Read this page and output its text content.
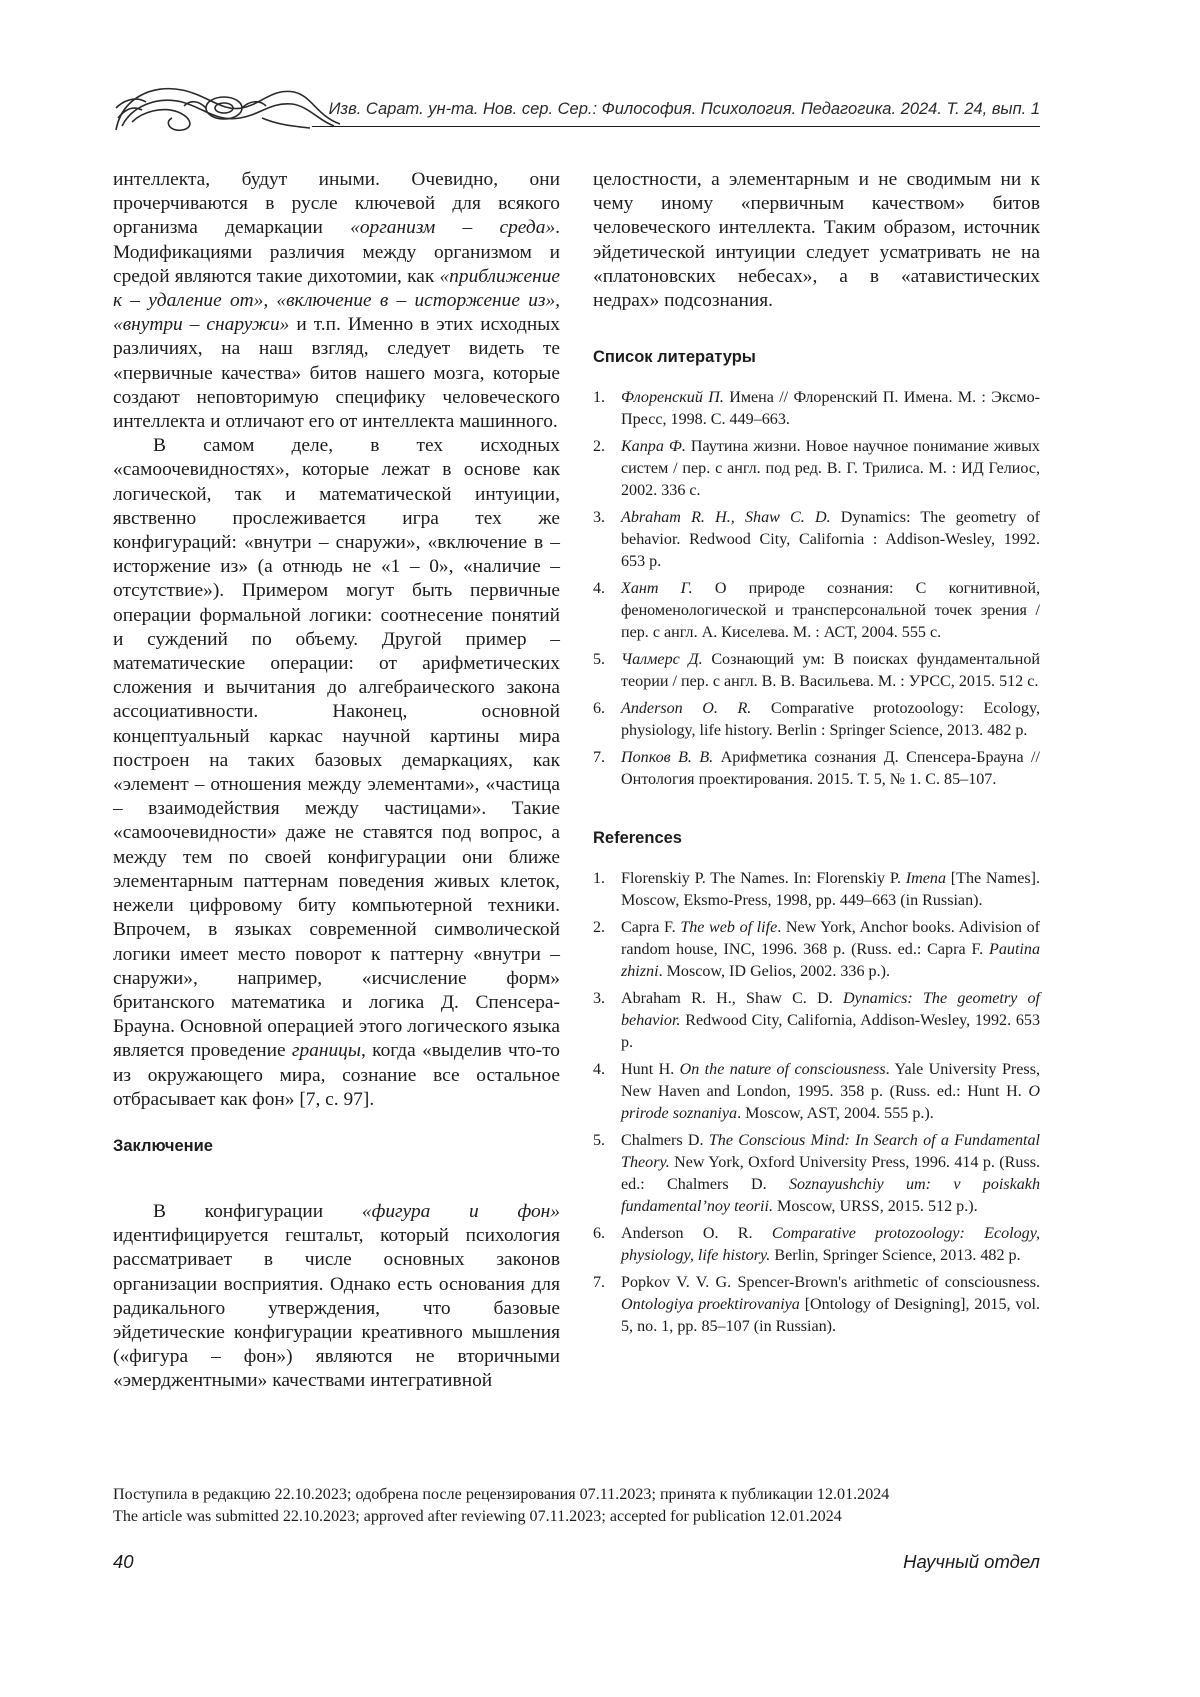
Изв. Сарат. ун-та. Нов. сер. Сер.: Философия. Психология. Педагогика. 2024. Т. 24, вып. 1

интеллекта, будут иными. Очевидно, они прочерчиваются в русле ключевой для всякого организма демаркации «организм – среда». Модификациями различия между организмом и средой являются такие дихотомии, как «приближение к – удаление от», «включение в – исторжение из», «внутри – снаружи» и т.п. Именно в этих исходных различиях, на наш взгляд, следует видеть те «первичные качества» битов нашего мозга, которые создают неповторимую специфику человеческого интеллекта и отличают его от интеллекта машинного.

В самом деле, в тех исходных «самоочевидностях», которые лежат в основе как логической, так и математической интуиции, явственно прослеживается игра тех же конфигураций: «внутри – снаружи», «включение в – исторжение из» (а отнюдь не «1 – 0», «наличие – отсутствие»). Примером могут быть первичные операции формальной логики: соотнесение понятий и суждений по объему. Другой пример – математические операции: от арифметических сложения и вычитания до алгебраического закона ассоциативности. Наконец, основной концептуальный каркас научной картины мира построен на таких базовых демаркациях, как «элемент – отношения между элементами», «частица – взаимодействия между частицами». Такие «самоочевидности» даже не ставятся под вопрос, а между тем по своей конфигурации они ближе элементарным паттернам поведения живых клеток, нежели цифровому биту компьютерной техники. Впрочем, в языках современной символической логики имеет место поворот к паттерну «внутри – снаружи», например, «исчисление форм» британского математика и логика Д. Спенсера-Брауна. Основной операцией этого логического языка является проведение границы, когда «выделив что-то из окружающего мира, сознание все остальное отбрасывает как фон» [7, с. 97].

Заключение

В конфигурации «фигура и фон» идентифицируется гештальт, который психология рассматривает в числе основных законов организации восприятия. Однако есть основания для радикального утверждения, что базовые эйдетические конфигурации креативного мышления («фигура – фон») являются не вторичными «эмерджентными» качествами интегративной

целостности, а элементарным и не сводимым ни к чему иному «первичным качеством» битов человеческого интеллекта. Таким образом, источник эйдетической интуиции следует усматривать не на «платоновских небесах», а в «атавистических недрах» подсознания.

Список литературы
1. Флоренский П. Имена // Флоренский П. Имена. М. : Эксмо-Пресс, 1998. С. 449–663.
2. Капра Ф. Паутина жизни. Новое научное понимание живых систем / пер. с англ. под ред. В. Г. Трилиса. М. : ИД Гелиос, 2002. 336 с.
3. Abraham R. H., Shaw C. D. Dynamics: The geometry of behavior. Redwood City, California : Addison-Wesley, 1992. 653 p.
4. Хант Г. О природе сознания: С когнитивной, феноменологической и трансперсональной точек зрения / пер. с англ. А. Киселева. М. : АСТ, 2004. 555 с.
5. Чалмерс Д. Сознающий ум: В поисках фундаментальной теории / пер. с англ. В. В. Васильева. М. : УРСС, 2015. 512 с.
6. Anderson O. R. Comparative protozoology: Ecology, physiology, life history. Berlin : Springer Science, 2013. 482 p.
7. Попков В. В. Арифметика сознания Д. Спенсера-Брауна // Онтология проектирования. 2015. Т. 5, № 1. С. 85–107.
References
1. Florenskiy P. The Names. In: Florenskiy P. Imena [The Names]. Moscow, Eksmo-Press, 1998, pp. 449–663 (in Russian).
2. Capra F. The web of life. New York, Anchor books. Adivision of random house, INC, 1996. 368 p. (Russ. ed.: Capra F. Pautina zhizni. Moscow, ID Gelios, 2002. 336 p.).
3. Abraham R. H., Shaw C. D. Dynamics: The geometry of behavior. Redwood City, California, Addison-Wesley, 1992. 653 p.
4. Hunt H. On the nature of consciousness. Yale University Press, New Haven and London, 1995. 358 p. (Russ. ed.: Hunt H. O prirode soznaniya. Moscow, AST, 2004. 555 p.).
5. Chalmers D. The Conscious Mind: In Search of a Fundamental Theory. New York, Oxford University Press, 1996. 414 p. (Russ. ed.: Chalmers D. Soznayushchiy um: v poiskakh fundamental’noy teorii. Moscow, URSS, 2015. 512 p.).
6. Anderson O. R. Comparative protozoology: Ecology, physiology, life history. Berlin, Springer Science, 2013. 482 p.
7. Popkov V. V. G. Spencer-Brown's arithmetic of consciousness. Ontologiya proektirovaniya [Ontology of Designing], 2015, vol. 5, no. 1, pp. 85–107 (in Russian).
Поступила в редакцию 22.10.2023; одобрена после рецензирования 07.11.2023; принята к публикации 12.01.2024
The article was submitted 22.10.2023; approved after reviewing 07.11.2023; accepted for publication 12.01.2024
40	Научный отдел
